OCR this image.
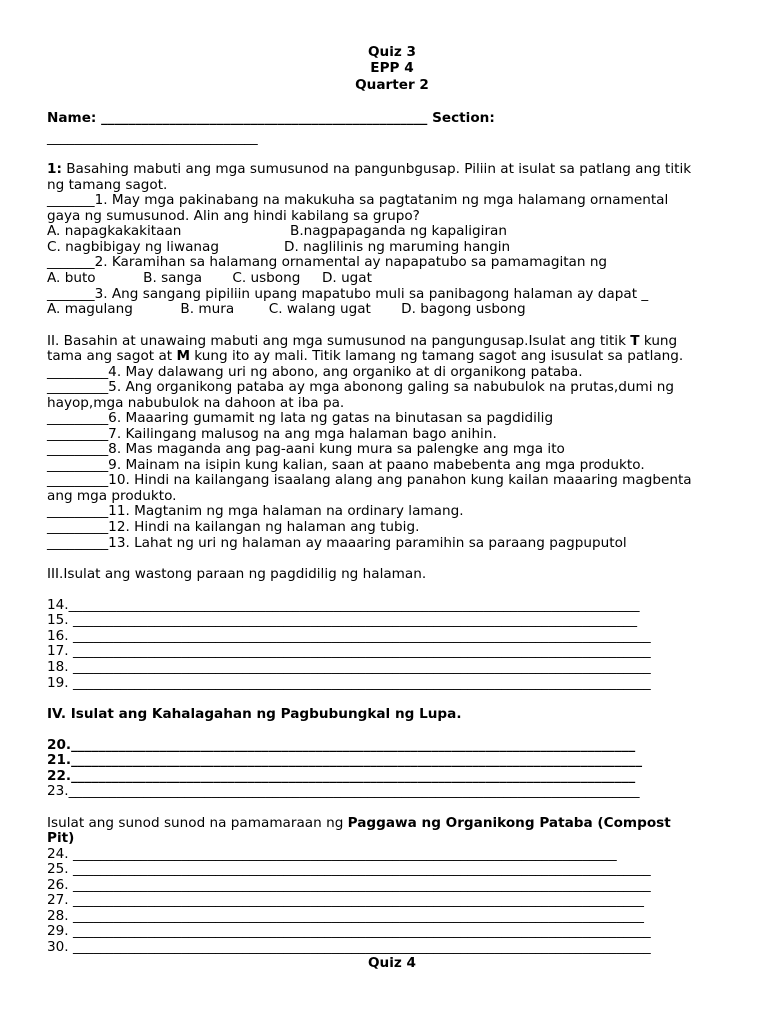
Quiz 3
EPP 4
Quarter 2
Name: ________________________________________________ Section:
_______________________________
1: Basahing mabuti ang mga sumusunod na pangunbgusap. Piliin at isulat sa patlang ang titik
ng tamang sagot.
_______1. May mga pakinabang na makukuha sa pagtatanim ng mga halamang ornamental
gaya ng sumusunod. Alin ang hindi kabilang sa grupo?
A. napagkakakitaan	B.nagpapaganda ng kapaligiran
C. nagbibigay ng liwanag	D. naglilinis ng maruming hangin
_______2. Karamihan sa halamang ornamental ay napapatubo sa pamamagitan ng
A. buto           B. sanga       C. usbong     D. ugat
_______3. Ang sangang pipiliin upang mapatubo muli sa panibagong halaman ay dapat _
A. magulang           B. mura        C. walang ugat       D. bagong usbong
II. Basahin at unawaing mabuti ang mga sumusunod na pangungusap.Isulat ang titik T kung
tama ang sagot at M kung ito ay mali. Titik lamang ng tamang sagot ang isusulat sa patlang.
_________4. May dalawang uri ng abono, ang organiko at di organikong pataba.
_________5. Ang organikong pataba ay mga abonong galing sa nabubulok na prutas,dumi ng
hayop,mga nabubulok na dahoon at iba pa.
_________6. Maaaring gumamit ng lata ng gatas na binutasan sa pagdidilig
_________7. Kailingang malusog na ang mga halaman bago anihin.
_________8. Mas maganda ang pag-aani kung mura sa palengke ang mga ito
_________9. Mainam na isipin kung kalian, saan at paano mabebenta ang mga produkto.
_________10. Hindi na kailangang isaalang alang ang panahon kung kailan maaaring magbenta
ang mga produkto.
_________11. Magtanim ng mga halaman na ordinary lamang.
_________12. Hindi na kailangan ng halaman ang tubig.
_________13. Lahat ng uri ng halaman ay maaaring paramihin sa paraang pagpuputol
III.Isulat ang wastong paraan ng pagdidilig ng halaman.
14.____________________________________________________________________________________
15. ___________________________________________________________________________________
16. _____________________________________________________________________________________
17. _____________________________________________________________________________________
18. _____________________________________________________________________________________
19. _____________________________________________________________________________________
IV. Isulat ang Kahalagahan ng Pagbubungkal ng Lupa.
20.___________________________________________________________________________________
21.____________________________________________________________________________________
22.___________________________________________________________________________________
23.____________________________________________________________________________________
Isulat ang sunod sunod na pamamaraan ng Paggawa ng Organikong Pataba (Compost
Pit)
24. ________________________________________________________________________________
25. _____________________________________________________________________________________
26. _____________________________________________________________________________________
27. ____________________________________________________________________________________
28. ____________________________________________________________________________________
29. _____________________________________________________________________________________
30. _____________________________________________________________________________________
Quiz 4
